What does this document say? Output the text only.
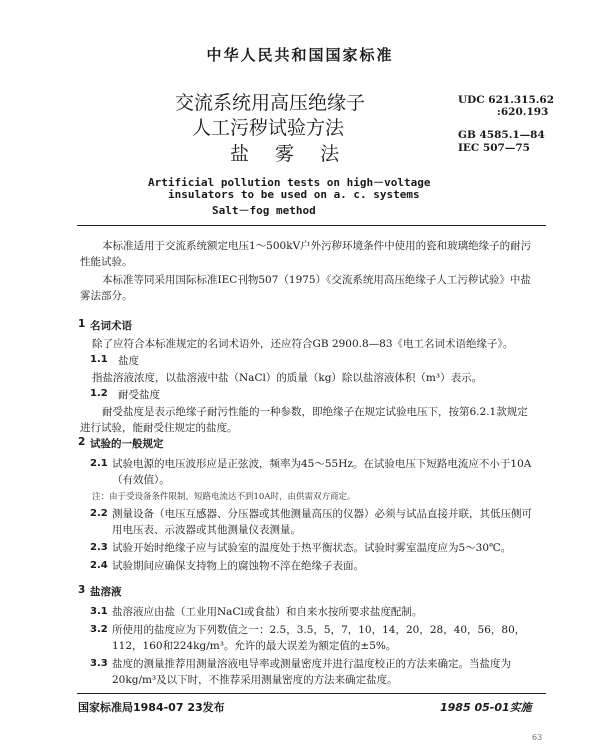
中华人民共和国国家标准
交流系统用高压绝缘子
人工污秽试验方法
盐 雾 法
UDC 621.315.62
:620.193
GB 4585.1—84
IEC 507—75
Artificial pollution tests on high－voltage
insulators to be used on a. c. systems
Salt－fog method
本标准适用于交流系统额定电压1～500kV户外污秽环境条件中使用的瓷和玻璃绝缘子的耐污性能试验。
本标准等同采用国际标准IEC刊物507（1975）《交流系统用高压绝缘子人工污秽试验》中盐雾法部分。
1 名词术语
除了应符合本标准规定的名词术语外，还应符合GB 2900.8—83《电工名词术语绝缘子》。
1.1 盐度
指盐溶液浓度，以盐溶液中盐（NaCl）的质量（kg）除以盐溶液体积（m³）表示。
1.2 耐受盐度
耐受盐度是表示绝缘子耐污性能的一种参数，即绝缘子在规定试验电压下，按第6.2.1款规定进行试验，能耐受住规定的盐度。
2 试验的一般规定
2.1 试验电源的电压波形应是正弦波，频率为45～55Hz。在试验电压下短路电流应不小于10A（有效值）。
注：由于受设备条件限制，短路电流达不到10A时，由供需双方商定。
2.2 测量设备（电压互感器、分压器或其他测量高压的仪器）必须与试品直接并联，其低压侧可用电压表、示波器或其他测量仪表测量。
2.3 试验开始时绝缘子应与试验室的温度处于热平衡状态。试验时雾室温度应为5～30℃。
2.4 试验期间应确保支持物上的腐蚀物不淬在绝缘子表面。
3 盐溶液
3.1 盐溶液应由盐（工业用NaCl或食盐）和自来水按所要求盐度配制。
3.2 所使用的盐度应为下列数值之一：2.5，3.5，5，7，10，14，20，28，40，56，80，112，160和224kg/m³。允许的最大误差为额定值的±5%。
3.3 盐度的测量推荐用测量溶液电导率或测量密度并进行温度校正的方法来确定。当盐度为20kg/m³及以下时，不推荐采用测量密度的方法来确定盐度。
国家标准局1984-07 23发布	1985 05-01实施
63
